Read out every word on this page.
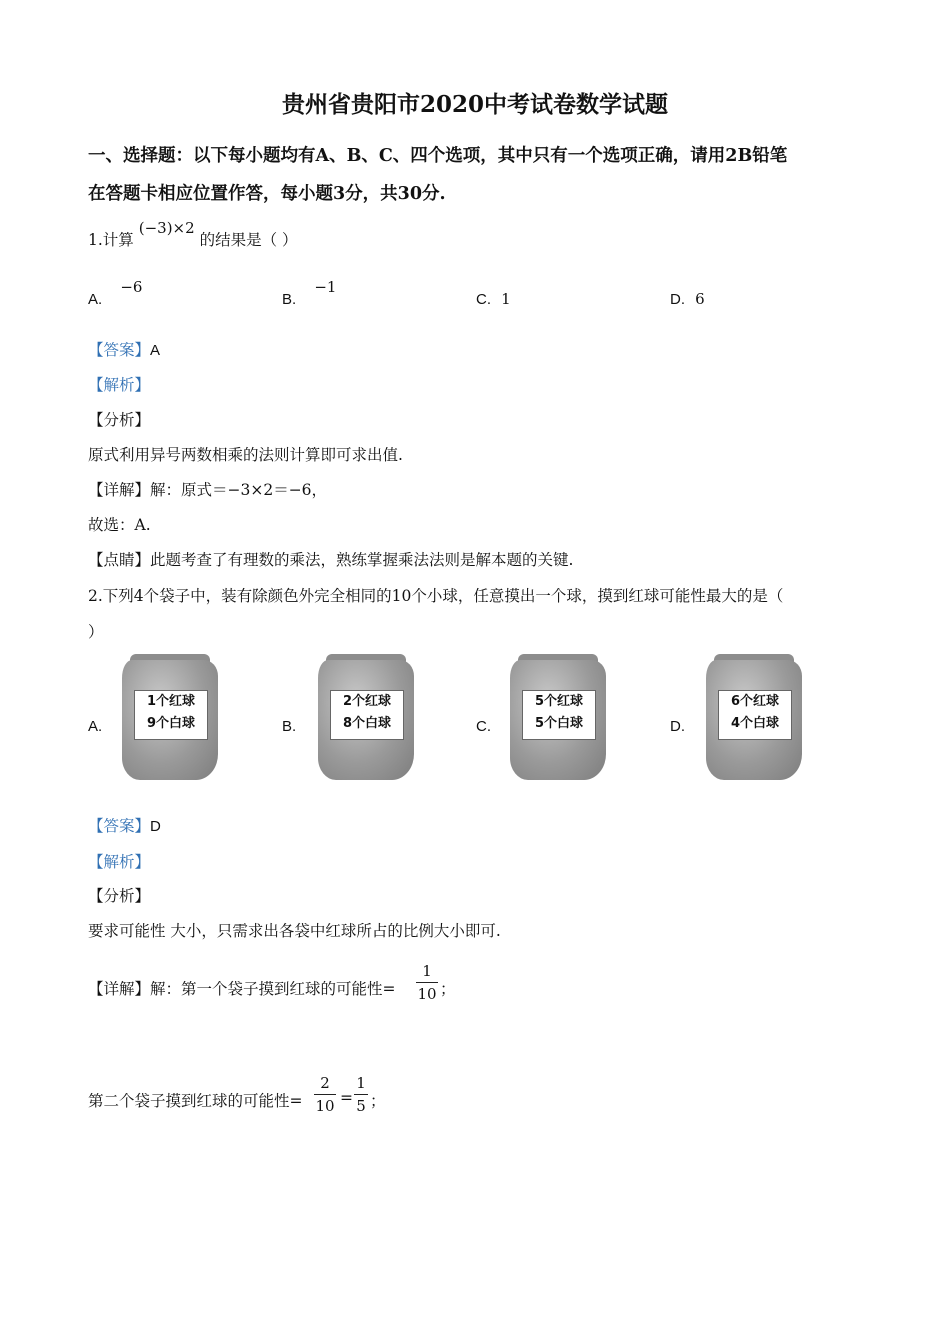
贵州省贵阳市2020中考试卷数学试题
一、选择题：以下每小题均有A、B、C、四个选项，其中只有一个选项正确，请用2B铅笔
在答题卡相应位置作答，每小题3分，共30分.
1.计算 (−3)×2 的结果是（ ）
A. −6
B. −1
C. 1	D. 6
【答案】A
【解析】
【分析】
原式利用异号两数相乘的法则计算即可求出值.
【详解】解：原式＝−3×2＝−6，
故选：A.
【点睛】此题考查了有理数的乘法，熟练掌握乘法法则是解本题的关键.
2.下列4个袋子中，装有除颜色外完全相同的10个小球，任意摸出一个球，摸到红球可能性最大的是（
）
A.
1个红球
9个白球	B.
2个红球
8个白球	C.
5个红球
5个白球	D.
6个红球
4个白球
【答案】D
【解析】
【分析】
要求可能性 大小，只需求出各袋中红球所占的比例大小即可.
【详解】解：第一个袋子摸到红球的可能性=
1
10 ；
第二个袋子摸到红球的可能性=
2
10 =
1
5 ；
